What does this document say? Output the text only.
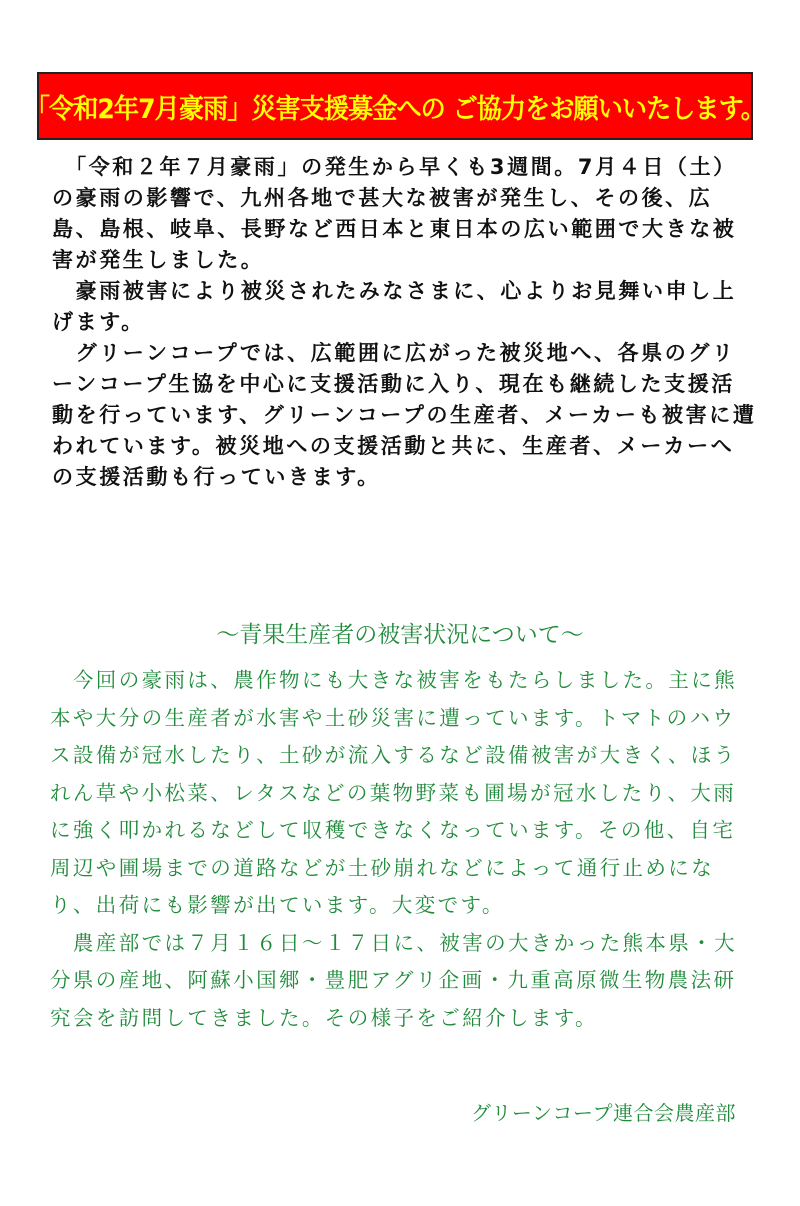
「令和2年7月豪雨」災害支援募金への ご協力をお願いいたします。

　「令和２年７月豪雨」の発生から早くも3週間。7月４日（土）の豪雨の影響で、九州各地で甚大な被害が発生し、その後、広島、島根、岐阜、長野など西日本と東日本の広い範囲で大きな被害が発生しました。

　豪雨被害により被災されたみなさまに、心よりお見舞い申し上げます。

　グリーンコープでは、広範囲に広がった被災地へ、各県のグリーンコープ生協を中心に支援活動に入り、現在も継続した支援活動を行っています、グリーンコープの生産者、メーカーも被害に遭われています。被災地への支援活動と共に、生産者、メーカーへの支援活動も行っていきます。

～青果生産者の被害状況について～

　今回の豪雨は、農作物にも大きな被害をもたらしました。主に熊本や大分の生産者が水害や土砂災害に遭っています。トマトのハウス設備が冠水したり、土砂が流入するなど設備被害が大きく、ほうれん草や小松菜、レタスなどの葉物野菜も圃場が冠水したり、大雨に強く叩かれるなどして収穫できなくなっています。その他、自宅周辺や圃場までの道路などが土砂崩れなどによって通行止めになり、出荷にも影響が出ています。大変です。

　農産部では７月１６日～１７日に、被害の大きかった熊本県・大分県の産地、阿蘇小国郷・豊肥アグリ企画・九重高原微生物農法研究会を訪問してきました。その様子をご紹介します。

グリーンコープ連合会農産部
